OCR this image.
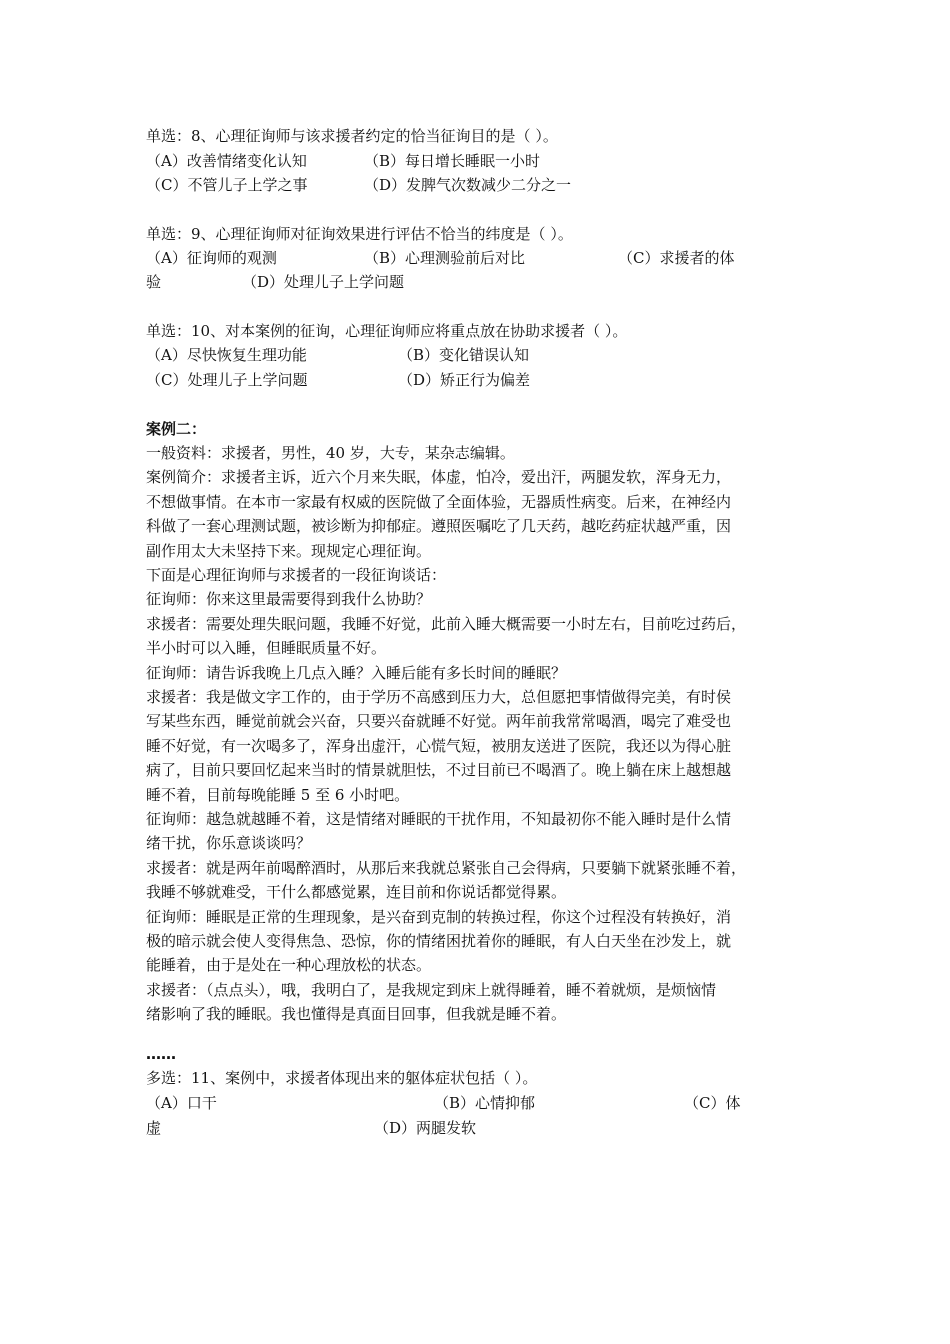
单选：8、心理征询师与该求援者约定的恰当征询目的是（ ）。
（A）改善情绪变化认知	（B）每日增长睡眠一小时
（C）不管儿子上学之事	（D）发脾气次数减少二分之一
单选：9、心理征询师对征询效果进行评估不恰当的纬度是（ ）。
（A）征询师的观测	（B）心理测验前后对比	（C）求援者的体
验	（D）处理儿子上学问题
单选：10、对本案例的征询，心理征询师应将重点放在协助求援者（ ）。
（A）尽快恢复生理功能	（B）变化错误认知
（C）处理儿子上学问题	（D）矫正行为偏差
案例二：
一般资料：求援者，男性，40 岁，大专，某杂志编辑。
案例简介：求援者主诉，近六个月来失眠，体虚，怕冷，爱出汗，两腿发软，浑身无力，
不想做事情。在本市一家最有权威的医院做了全面体验，无器质性病变。后来，在神经内
科做了一套心理测试题，被诊断为抑郁症。遵照医嘱吃了几天药，越吃药症状越严重，因
副作用太大未坚持下来。现规定心理征询。
下面是心理征询师与求援者的一段征询谈话：
征询师：你来这里最需要得到我什么协助？
求援者：需要处理失眠问题，我睡不好觉，此前入睡大概需要一小时左右，目前吃过药后，
半小时可以入睡，但睡眠质量不好。
征询师：请告诉我晚上几点入睡？入睡后能有多长时间的睡眠？
求援者：我是做文字工作的，由于学历不高感到压力大，总但愿把事情做得完美，有时侯
写某些东西，睡觉前就会兴奋，只要兴奋就睡不好觉。两年前我常常喝酒，喝完了难受也
睡不好觉，有一次喝多了，浑身出虚汗，心慌气短，被朋友送进了医院，我还以为得心脏
病了，目前只要回忆起来当时的情景就胆怯，不过目前已不喝酒了。晚上躺在床上越想越
睡不着，目前每晚能睡 5 至 6 小时吧。
征询师：越急就越睡不着，这是情绪对睡眠的干扰作用，不知最初你不能入睡时是什么情
绪干扰，你乐意谈谈吗？
求援者：就是两年前喝醉酒时，从那后来我就总紧张自己会得病，只要躺下就紧张睡不着，
我睡不够就难受，干什么都感觉累，连目前和你说话都觉得累。
征询师：睡眠是正常的生理现象，是兴奋到克制的转换过程，你这个过程没有转换好，消
极的暗示就会使人变得焦急、恐惊，你的情绪困扰着你的睡眠，有人白天坐在沙发上，就
能睡着，由于是处在一种心理放松的状态。
求援者：（点点头），哦，我明白了，是我规定到床上就得睡着，睡不着就烦，是烦恼情
绪影响了我的睡眠。我也懂得是真面目回事，但我就是睡不着。
……
多选：11、案例中，求援者体现出来的躯体症状包括（ ）。
（A）口干	（B）心情抑郁	（C）体
虚	（D）两腿发软
